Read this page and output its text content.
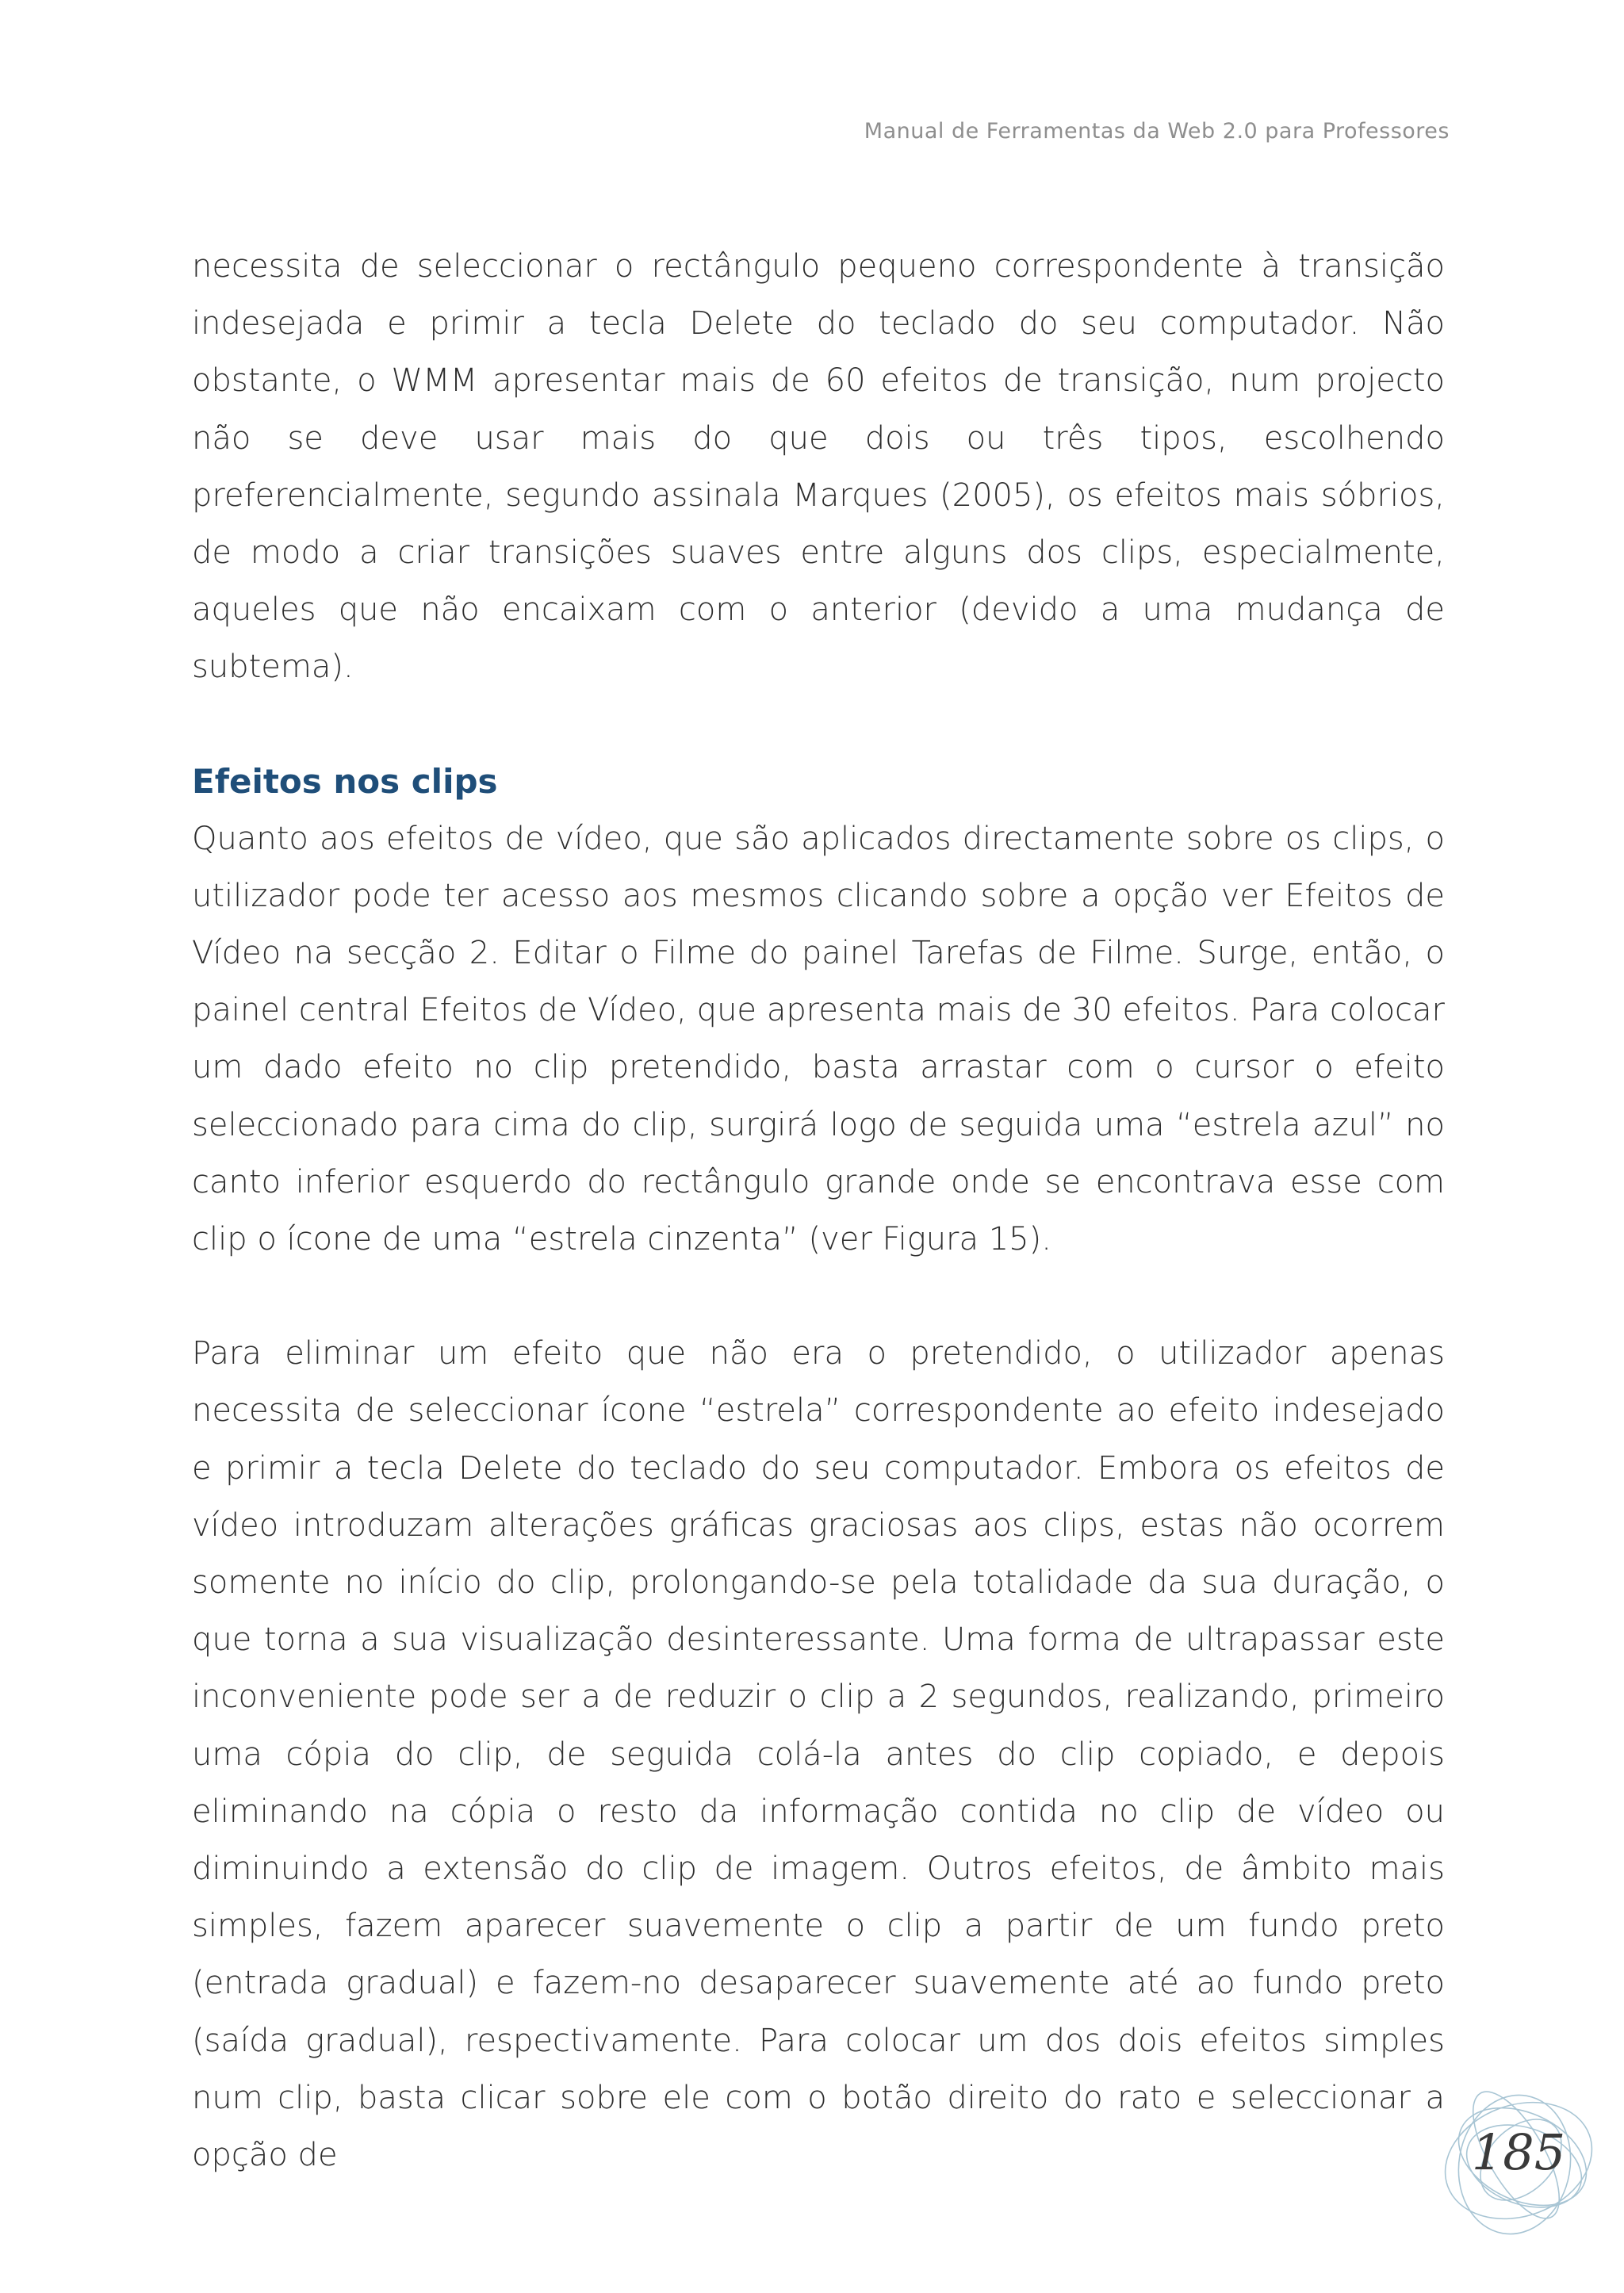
Manual de Ferramentas da Web 2.0 para Professores

necessita de seleccionar o rectângulo pequeno correspondente à transição indesejada e primir a tecla Delete do teclado do seu computador. Não obstante, o WMM apresentar mais de 60 efeitos de transição, num projecto não se deve usar mais do que dois ou três tipos, escolhendo preferencialmente, segundo assinala Marques (2005), os efeitos mais sóbrios, de modo a criar transições suaves entre alguns dos clips, especialmente, aqueles que não encaixam com o anterior (devido a uma mudança de subtema).

Efeitos nos clips

Quanto aos efeitos de vídeo, que são aplicados directamente sobre os clips, o utilizador pode ter acesso aos mesmos clicando sobre a opção ver Efeitos de Vídeo na secção 2. Editar o Filme do painel Tarefas de Filme. Surge, então, o painel central Efeitos de Vídeo, que apresenta mais de 30 efeitos. Para colocar um dado efeito no clip pretendido, basta arrastar com o cursor o efeito seleccionado para cima do clip, surgirá logo de seguida uma “estrela azul” no canto inferior esquerdo do rectângulo grande onde se encontrava esse com clip o ícone de uma “estrela cinzenta” (ver Figura 15).

Para eliminar um efeito que não era o pretendido, o utilizador apenas necessita de seleccionar ícone “estrela” correspondente ao efeito indesejado e primir a tecla Delete do teclado do seu computador. Embora os efeitos de vídeo introduzam alterações gráficas graciosas aos clips, estas não ocorrem somente no início do clip, prolongando-se pela totalidade da sua duração, o que torna a sua visualização desinteressante. Uma forma de ultrapassar este inconveniente pode ser a de reduzir o clip a 2 segundos, realizando, primeiro uma cópia do clip, de seguida colá-la antes do clip copiado, e depois eliminando na cópia o resto da informação contida no clip de vídeo ou diminuindo a extensão do clip de imagem. Outros efeitos, de âmbito mais simples, fazem aparecer suavemente o clip a partir de um fundo preto (entrada gradual) e fazem-no desaparecer suavemente até ao fundo preto (saída gradual), respectivamente. Para colocar um dos dois efeitos simples num clip, basta clicar sobre ele com o botão direito do rato e seleccionar a opção de	185
